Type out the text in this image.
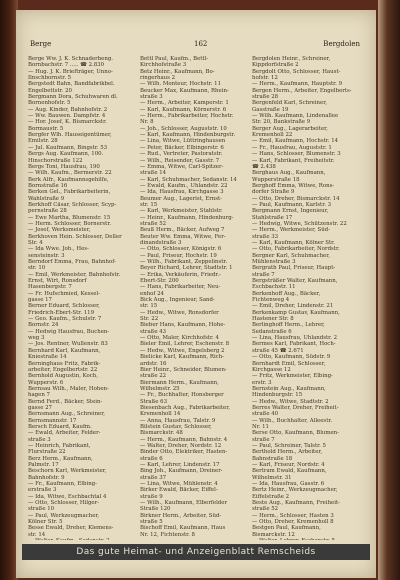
Berge	162	Bergdolen
Berge Ww. J. K. Schnaderbeng.
Bornbachstr. 7 ..... ☎ 2.830
— Hug. J. K. Briefträger, Unno-
Ilnschbornstr. 5
Bergstedt Bahn, Bandfabrikbel.
Engelbettstr. 20
Bergmann Dora, Schuhwaren dl.
Bornenhofstr. 5
— Aug. Kinder, Bahnhofstr. 2
— Ww. Bauwen. Dampfstr. 4
— Hor. Josef, K. Bismarckstr.
Bormaustr. 5
Bergfer Wlh. Hauseigentümer,
Emilstr. 28
— Jul. Kaufmann, Bingstr. 53
Bergs Aug. Kaufmann, 100.
Hinschorstraße 122
Bergs Toni, Hausfrau, 190
— Wilh. Kaufm., Bermerstr. 22
Berk Alfr., Kaufmannsgehilfe,
Bornstraße 16
Berken Gel., Fabrikarbeiterin,
Wahlstraße 9
Berkhoff Cäsar, Schlosser, Scyp-
pernstraße 28
— Ewe Martha, Blumenstr. 15
— Herm. Schlosser, Bornerstr.
— Josef, Werksmeister,
Berkhoven Hein. Schlosser, Deller
Str. 4
— Ida Wwe. Joh., Hes-
sensteinstr. 3
Berndorf Emma, Frau, Bahnhof-
str. 10
— Emil, Werkmeister, Bahnhofstr.
Ernst, Wirt, Ronsdorf
Hasenbergstr. 7
— Fr. Hufschmied, Kessel-
gasse 17
Berner Eduard, Schlosser,
Friedrich-Ebert-Str. 119
— Geo. Kaufm., Schulstr. 7
Bornstr. 24
— Hedwig Hausfrau, Buchen-
weg 3
— Jos. Rentner, Wullenstr. 83
Bernhard Karl, Kaufmann,
Kniestraße 14
Berninghaus Fritz, Fabrik-
arbeiter, Engelbertstr. 22
Bernhold Augustin, Koch,
Wupperstr. 6
Bernsau Wilh., Maler, Hohen-
hagen 7
Bernd Ferd., Bäcker, Stein-
gasse 27
Bernsmann Aug., Schreiner,
Bernsmannstr. 17
Bersch Eduard, Kaufm.
— Ewald, Arbeiter, Felder-
straße 3
— Heinrich, Fabrikant,
Flurstraße 22
Berz Herm., Kaufmann,
Palmstr. 17
Beschorn Karl, Werkmeister,
Bahnhofstr. 9
— Fr., Kaufmann, Elbing-
erstraße 3
— Ida, Witwe, Eschbachtal 4
— Otto, Schlosser, Hilger-
straße 10
— Paul, Werkzeugmacher,
Kölner Str. 5
Besse Ewald, Dreher, Klemens-
str. 14
Bettl Paul, Kaufm., Bettl-
Kirchhofstraße 3
Betz Heinr., Kaufmann, Bo-
ringerhaus 2
— Wilh. Monteur, Hochstr. 11
Beucker Max, Kaufmann, Rhein-
straße 3
— Herm., Arbeiter, Kamperstr. 1
— Karl, Kaufmann, Körnerstr. 6
— Herm., Fabrikarbeiter, Hochstr.
Nr. 8
— Joh., Schlosser, Auguststr. 10
— Karl, Kaufmann, Hindenburgstr.
— Lina, Witwe, Lüttringhausen
— Peter, Bäcker, Elbingerstr. 6
— Rud., Vertreter, Pastoratstr.
— Wilh., Reisender, Gasstr. 7
— Emma, Witwe, Carl-Spitzer-
straße 14
— Karl, Schuhmacher, Sedanstr. 14
— Ewald, Kaufm., Uhlandstr. 22
— Ida, Hausfrau, Kirchgasse 3
Beumer Aug., Lagerist, Ernst-
str. 15
— Karl, Werkmeister, Stahlstr.
— Heinr., Kaufmann, Hindenburg-
straße 52
Beuß Herm., Bäcker, Aufweg 7
Beuter Ww. Emma, Witwe, Fer-
dinandstraße 3
— Otto, Schlosser, Königstr. 6
— Paul, Friseur, Hochstr. 19
— Wilh., Fabrikant, Zeppelinstr.
Beyer Richard, Lehrer, Stadtstr. 1
— Erika, Verkäuferin, Friedr.-
Ebert-Str. 200
— Hans, Fabrikarbeiter, Neu-
enhof 24
Bick Aug., Ingenieur, Sand-
str. 15
— Hedw., Witwe, Ronsdorfer
Str. 22
Bieber Hans, Kaufmann, Hohe-
straße 43
— Otto, Maler, Kirchhofstr. 4
Bieler Emil, Lehrer, Eschenstr. 8
— Hedw., Witwe, Engelsberg 2
Bielicke Karl, Kaufmann, Rich-
ardstr. 16
Bier Heinr., Schneider, Blumen-
straße 22
Biermann Herm., Kaufmann,
Wilhelmstr. 25
— Fr., Buchhalter, Honsberger
Straße 63
Biesenbach Aug., Fabrikarbeiter,
Kremenholl 14
— Anna, Hausfrau, Talstr. 9
Bilstein Gustav, Schlosser,
Bismarckstr. 48
— Herm., Kaufmann, Bahnstr. 4
— Walter, Dreher, Nordstr. 12
Binder Otto, Elektriker, Hasten-
straße 6
— Karl, Lehrer, Lindenstr. 17
Bing Joh., Kaufmann, Dreiner-
straße 37
— Lina, Witwe, Mühlenstr. 4
Birker Ewald, Bäcker, Eiffel-
straße 9
— Wilh., Kaufmann, Elberfelder
Straße 120
Birkner Herm., Arbeiter, Süd-
straße 5
Bischoff Emil, Kaufmann, Haus
Nr. 12, Fichtenstr. 8
Bergdolen Heinr., Schreiner,
Kippdorfstraße 2
Bergdolt Otto, Schlosser, Haust-
hofstr. 12
— Herm., Kaufmann, Hauptstr. 9
Bergen Herm., Arbeiter, Engelberts-
straße 28
Bergenfeld Karl, Schreiner,
Gasstraße 19
— Wilh. Kaufmann, Lindenallee
Str. 20, Bankstraße 9
Berger Aug., Lagerarbeiter,
Kremenholl 22
— Emil, Kaufmann, Hochstr. 14
— Fr., Hausfrau, Auguststr. 1
— Hans, Schlosser, Blumenstr. 3
— Karl, Fabrikant, Freiheitstr.
☎ 2.438
Berghaus Aug., Kaufmann,
Wupperstraße 18
Berghoff Emma, Witwe, Rons-
dorfer Straße 9
— Otto, Dreher, Bismarckstr. 14
— Paul, Kaufmann, Karlstr. 3
Bergmann Ernst, Ingenieur,
Stahlstraße 17
— Hedwig, Witwe, Schützenstr. 22
— Herm., Werkmeister, Süd-
straße 33
— Karl, Kaufmann, Kölner Str.
— Otto, Fabrikarbeiter, Nordstr.
Bergner Karl, Schuhmacher,
Mühlenstraße 3
Bergrath Paul, Friseur, Haupt-
straße 7
Bergsträßer Walter, Kaufmann,
Eschbachstr. 11
Berkenhoff Aug., Bäcker,
Fichtenweg 4
— Emil, Dreher, Lindenstr. 21
Berkenkamp Gustav, Kaufmann,
Hastener Str. 8
Berlinghoff Herm., Lehrer,
Sedanstraße 6
— Lina, Hausfrau, Uhlandstr. 2
Bermes Karl, Fabrikant, Hoch-
straße 45 ☎ 2.671
— Otto, Kaufmann, Südstr. 9
Bernhardt Emil, Schlosser,
Kirchgasse 12
— Fritz, Werkmeister, Elbing-
erstr. 3
Bernstein Aug., Kaufmann,
Hindenburgstr. 15
— Hedw., Witwe, Stadtstr. 2
Berres Walter, Dreher, Freiheit-
straße 40
— Wilh., Buchhalter, Alleestr.
Nr. 11
Berse Otto, Kaufmann, Blumen-
straße 7
— Paul, Schreiner, Talstr. 5
Berthold Herm., Arbeiter,
Bahnstraße 18
— Karl, Friseur, Nordstr. 4
Bertram Ewald, Kaufmann,
Wilhelmstr. 31
— Ida, Hausfrau, Gasstr. 6
Bertz Heinr., Werkzeugmacher,
Eiffelstraße 2
Beste Aug., Kaufmann, Freiheit-
straße 52
— Herm., Schlosser, Hasten 3
— Otto, Dreher, Kremenholl 8
Bestgen Paul, Kaufmann,
Bismarckstr. 12
Das gute Heimat- und Anzeigenblatt Remscheids
